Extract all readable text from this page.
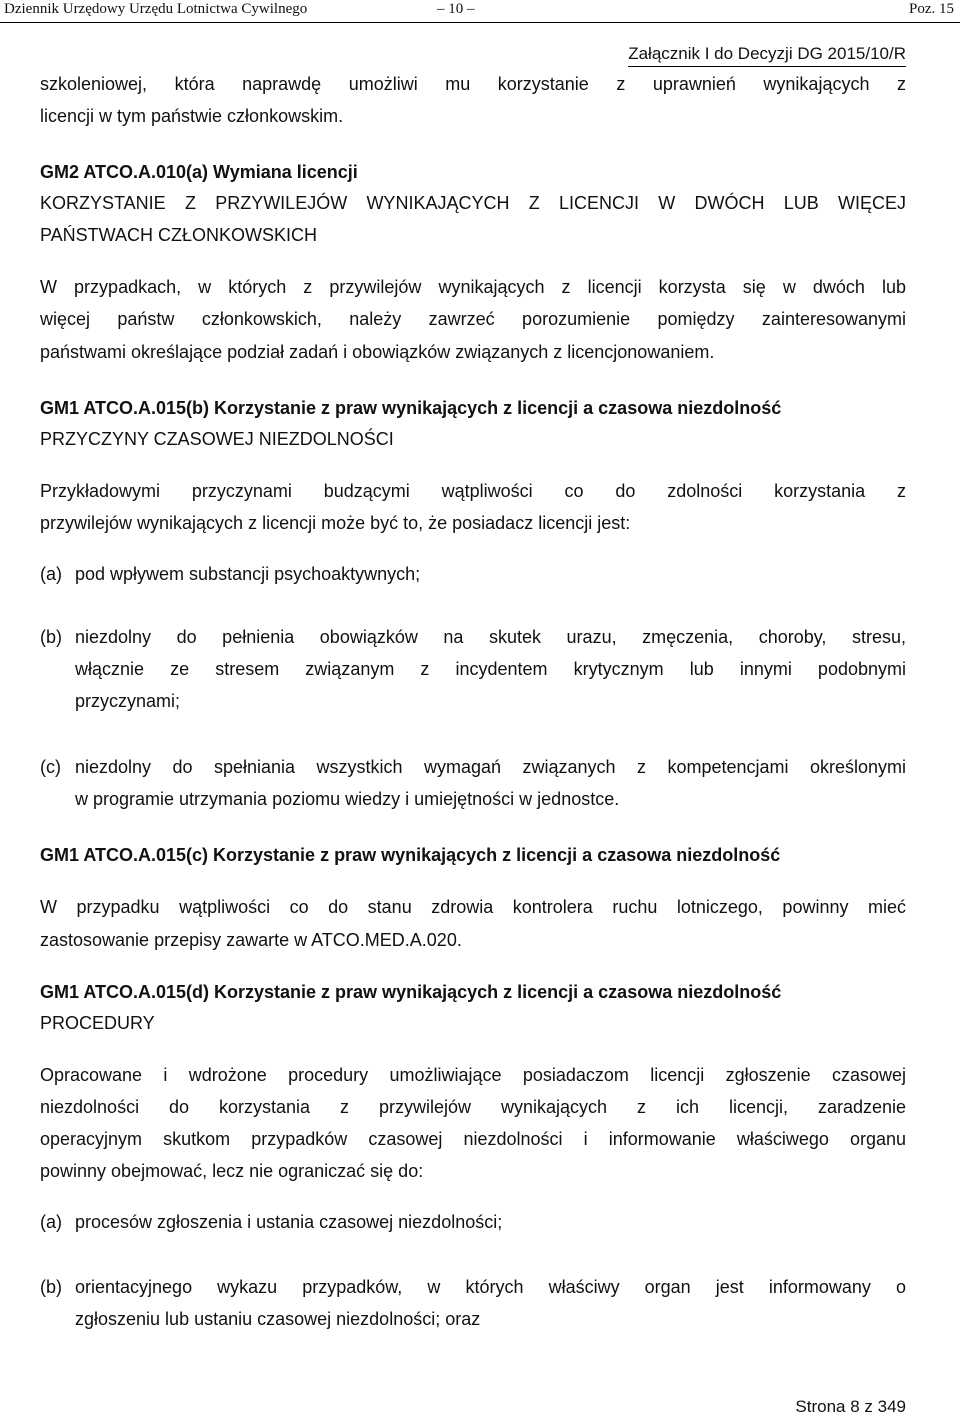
Dziennik Urzędowy Urzędu Lotnictwa Cywilnego	– 10 –	Poz. 15
Załącznik I do Decyzji DG 2015/10/R
szkoleniowej, która naprawdę umożliwi mu korzystanie z uprawnień wynikających z
licencji w tym państwie członkowskim.
GM2 ATCO.A.010(a) Wymiana licencji
KORZYSTANIE Z PRZYWILEJÓW WYNIKAJĄCYCH Z LICENCJI W DWÓCH LUB WIĘCEJ
PAŃSTWACH CZŁONKOWSKICH
W przypadkach, w których z przywilejów wynikających z licencji korzysta się w dwóch lub
więcej państw członkowskich, należy zawrzeć porozumienie pomiędzy zainteresowanymi
państwami określające podział zadań i obowiązków związanych z licencjonowaniem.
GM1 ATCO.A.015(b) Korzystanie z praw wynikających z licencji a czasowa niezdolność
PRZYCZYNY CZASOWEJ NIEZDOLNOŚCI
Przykładowymi przyczynami budzącymi wątpliwości co do zdolności korzystania z
przywilejów wynikających z licencji może być to, że posiadacz licencji jest:
(a) pod wpływem substancji psychoaktywnych;
(b) niezdolny do pełnienia obowiązków na skutek urazu, zmęczenia, choroby, stresu,
włącznie ze stresem związanym z incydentem krytycznym lub innymi podobnymi
przyczynami;
(c) niezdolny do spełniania wszystkich wymagań związanych z kompetencjami określonymi
w programie utrzymania poziomu wiedzy i umiejętności w jednostce.
GM1 ATCO.A.015(c) Korzystanie z praw wynikających z licencji a czasowa niezdolność
W przypadku wątpliwości co do stanu zdrowia kontrolera ruchu lotniczego, powinny mieć
zastosowanie przepisy zawarte w ATCO.MED.A.020.
GM1 ATCO.A.015(d) Korzystanie z praw wynikających z licencji a czasowa niezdolność
PROCEDURY
Opracowane i wdrożone procedury umożliwiające posiadaczom licencji zgłoszenie czasowej
niezdolności do korzystania z przywilejów wynikających z ich licencji, zaradzenie
operacyjnym skutkom przypadków czasowej niezdolności i informowanie właściwego organu
powinny obejmować, lecz nie ograniczać się do:
(a) procesów zgłoszenia i ustania czasowej niezdolności;
(b) orientacyjnego wykazu przypadków, w których właściwy organ jest informowany o
zgłoszeniu lub ustaniu czasowej niezdolności; oraz
Strona 8 z 349
